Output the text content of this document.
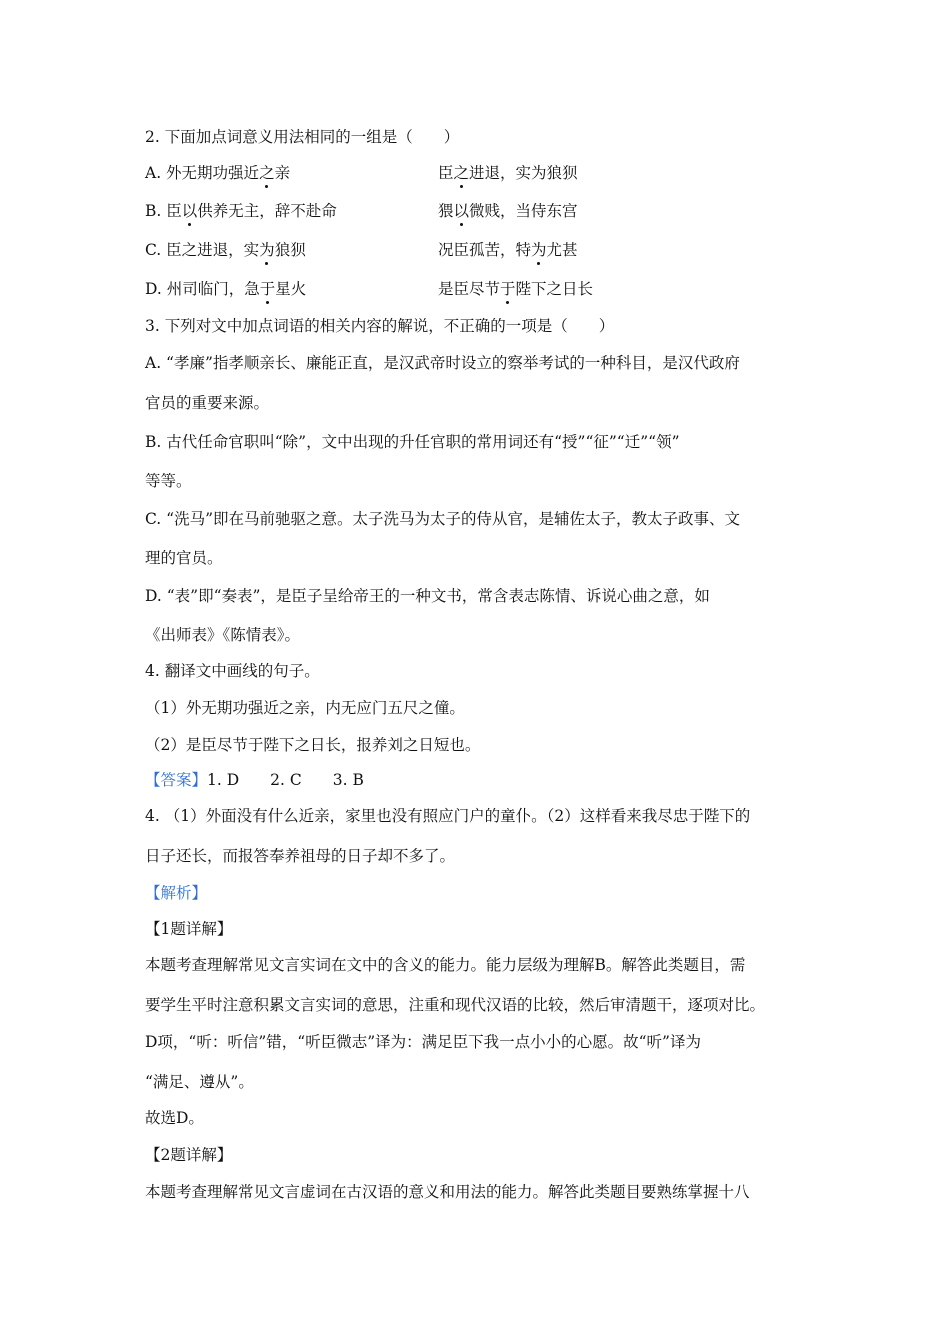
2. 下面加点词意义用法相同的一组是（　　）
A. 外无期功强近之亲	臣之进退，实为狼狈
B. 臣以供养无主，辞不赴命	猥以微贱，当侍东宫
C. 臣之进退，实为狼狈	况臣孤苦，特为尤甚
D. 州司临门，急于星火	是臣尽节于陛下之日长
3. 下列对文中加点词语的相关内容的解说，不正确的一项是（　　）
A. “孝廉”指孝顺亲长、廉能正直，是汉武帝时设立的察举考试的一种科目，是汉代政府
官员的重要来源。
B. 古代任命官职叫“除”，文中出现的升任官职的常用词还有“授”“征”“迁”“领”
等等。
C. “洗马”即在马前驰驱之意。太子洗马为太子的侍从官，是辅佐太子，教太子政事、文
理的官员。
D. “表”即“奏表”，是臣子呈给帝王的一种文书，常含表志陈情、诉说心曲之意，如
《出师表》《陈情表》。
4. 翻译文中画线的句子。
（1）外无期功强近之亲，内无应门五尺之僮。
（2）是臣尽节于陛下之日长，报养刘之日短也。
【答案】1. D　　2. C　　3. B
4. （1）外面没有什么近亲，家里也没有照应门户的童仆。（2）这样看来我尽忠于陛下的
日子还长，而报答奉养祖母的日子却不多了。
【解析】
【1题详解】
本题考查理解常见文言实词在文中的含义的能力。能力层级为理解B。解答此类题目，需
要学生平时注意积累文言实词的意思，注重和现代汉语的比较，然后审清题干，逐项对比。
D项，“听：听信”错，“听臣微志”译为：满足臣下我一点小小的心愿。故“听”译为
“满足、遵从”。
故选D。
【2题详解】
本题考查理解常见文言虚词在古汉语的意义和用法的能力。解答此类题目要熟练掌握十八
